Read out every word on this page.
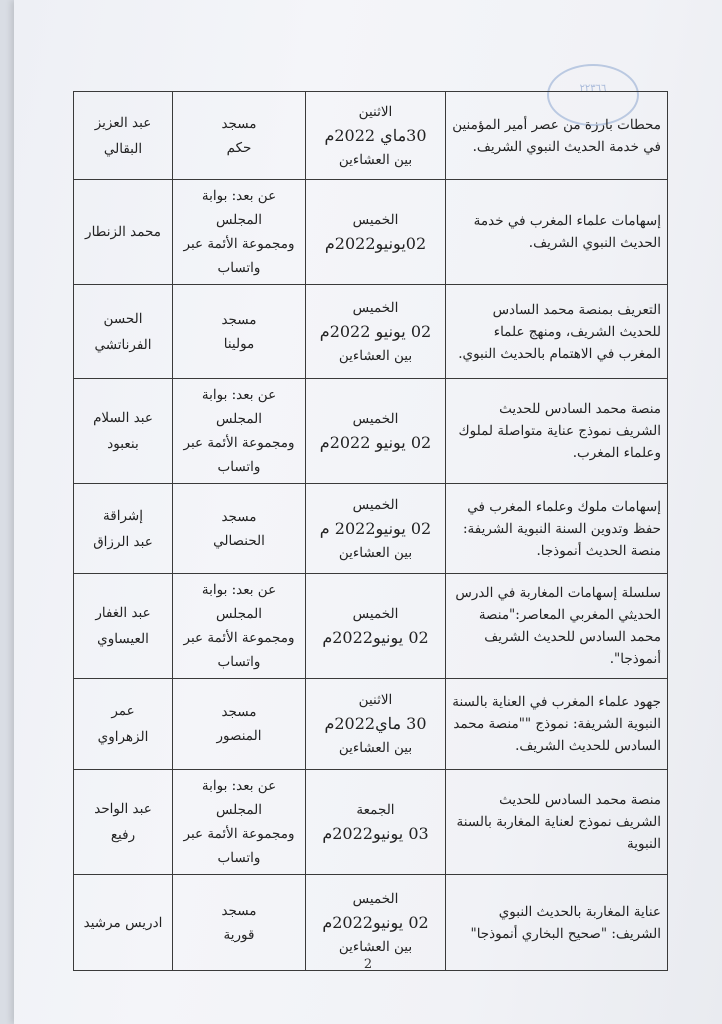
٢٢٣٦٦
محطات بارزة من عصر أمير المؤمنين في خدمة الحديث النبوي الشريف.	الاثنين
30ماي 2022م
بين العشاءين	مسجد
حكم	عبد العزيز البقالي

إسهامات علماء المغرب في خدمة الحديث النبوي الشريف.	الخميس
02يونيو2022م	عن بعد: بوابة المجلس
ومجموعة الأئمة عبر
واتساب	محمد الزنطار

التعريف بمنصة محمد السادس للحديث الشريف، ومنهج علماء المغرب في الاهتمام بالحديث النبوي.	الخميس
02 يونيو 2022م
بين العشاءين	مسجد
مولينا	الحسن الفرناتشي

منصة محمد السادس للحديث الشريف نموذج عناية متواصلة لملوك وعلماء المغرب.	الخميس
02 يونيو 2022م	عن بعد: بوابة المجلس
ومجموعة الأئمة عبر
واتساب	عبد السلام
بنعبود

إسهامات ملوك وعلماء المغرب في حفظ وتدوين السنة النبوية الشريفة: منصة الحديث أنموذجا.	الخميس
02 يونيو2022 م
بين العشاءين	مسجد
الحنصالي	إشراقة
عبد الرزاق

سلسلة إسهامات المغاربة في الدرس الحديثي المغربي المعاصر:"منصة محمد السادس للحديث الشريف أنموذجا".	الخميس
02 يونيو2022م	عن بعد: بوابة المجلس
ومجموعة الأئمة عبر
واتساب	عبد الغفار
العيساوي

جهود علماء المغرب في العناية بالسنة النبوية الشريفة: نموذج ""منصة محمد السادس للحديث الشريف.	الاثنين
30 ماي2022م
بين العشاءين	مسجد
المنصور	عمر
الزهراوي

منصة محمد السادس للحديث الشريف نموذج لعناية المغاربة بالسنة النبوية	الجمعة
03 يونيو2022م	عن بعد: بوابة المجلس
ومجموعة الأئمة عبر
واتساب	عبد الواحد رفيع

عناية المغاربة بالحديث النبوي الشريف: "صحيح البخاري أنموذجا"	الخميس
02 يونيو2022م
بين العشاءين	مسجد
قورية	ادريس مرشيد
2
